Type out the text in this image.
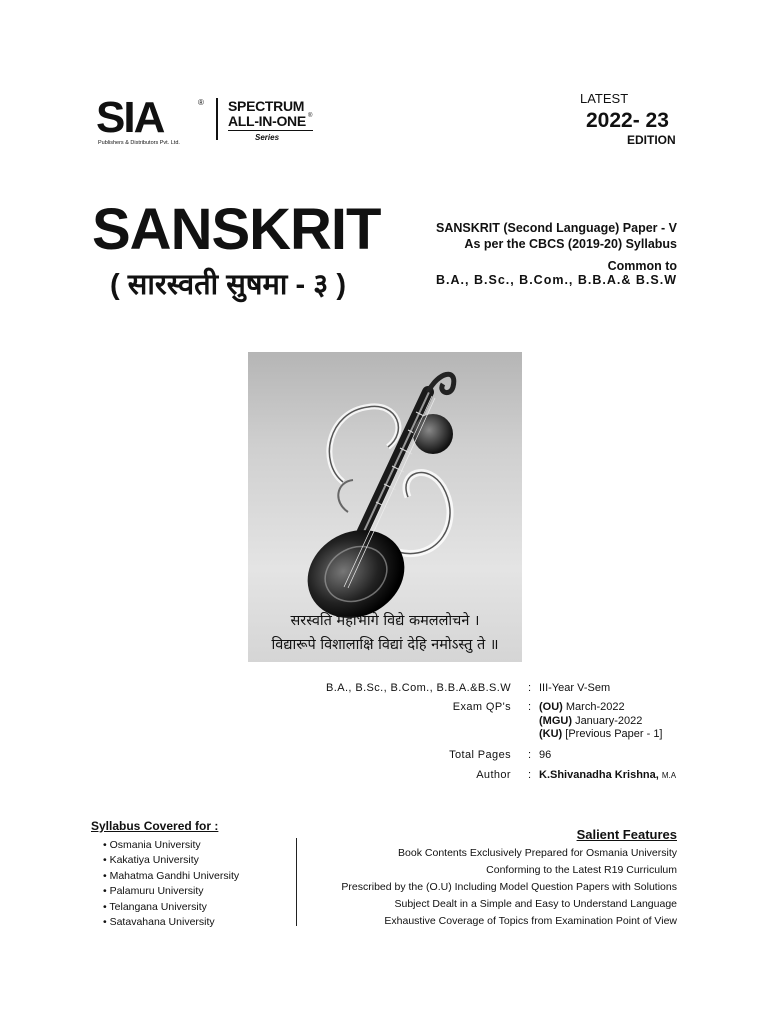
SIA	®
Publishers & Distributors Pvt. Ltd.
SPECTRUM
ALL-IN-ONE ®
Series
LATEST
2022- 23
EDITION
SANSKRIT
( सारस्वती सुषमा - ३ )
SANSKRIT (Second Language) Paper - V
As per the CBCS (2019-20) Syllabus
Common to
B.A., B.Sc., B.Com., B.B.A.& B.S.W
सरस्वति महाभागे विद्ये कमललोचने ।
विद्यारूपे विशालाक्षि विद्यां देहि नमोऽस्तु ते ॥
B.A., B.Sc., B.Com., B.B.A.&B.S.W : III-Year V-Sem
Exam QP's : (OU) March-2022
(MGU) January-2022
(KU) [Previous Paper - 1]
Total Pages : 96
Author : K.Shivanadha Krishna, M.A
Syllabus Covered for :
• Osmania University
• Kakatiya University
• Mahatma Gandhi University
• Palamuru University
• Telangana University
• Satavahana University
Salient Features
Book Contents Exclusively Prepared for Osmania University
Conforming to the Latest R19 Curriculum
Prescribed by the (O.U) Including Model Question Papers with Solutions
Subject Dealt in a Simple and Easy to Understand Language
Exhaustive Coverage of Topics from Examination Point of View
